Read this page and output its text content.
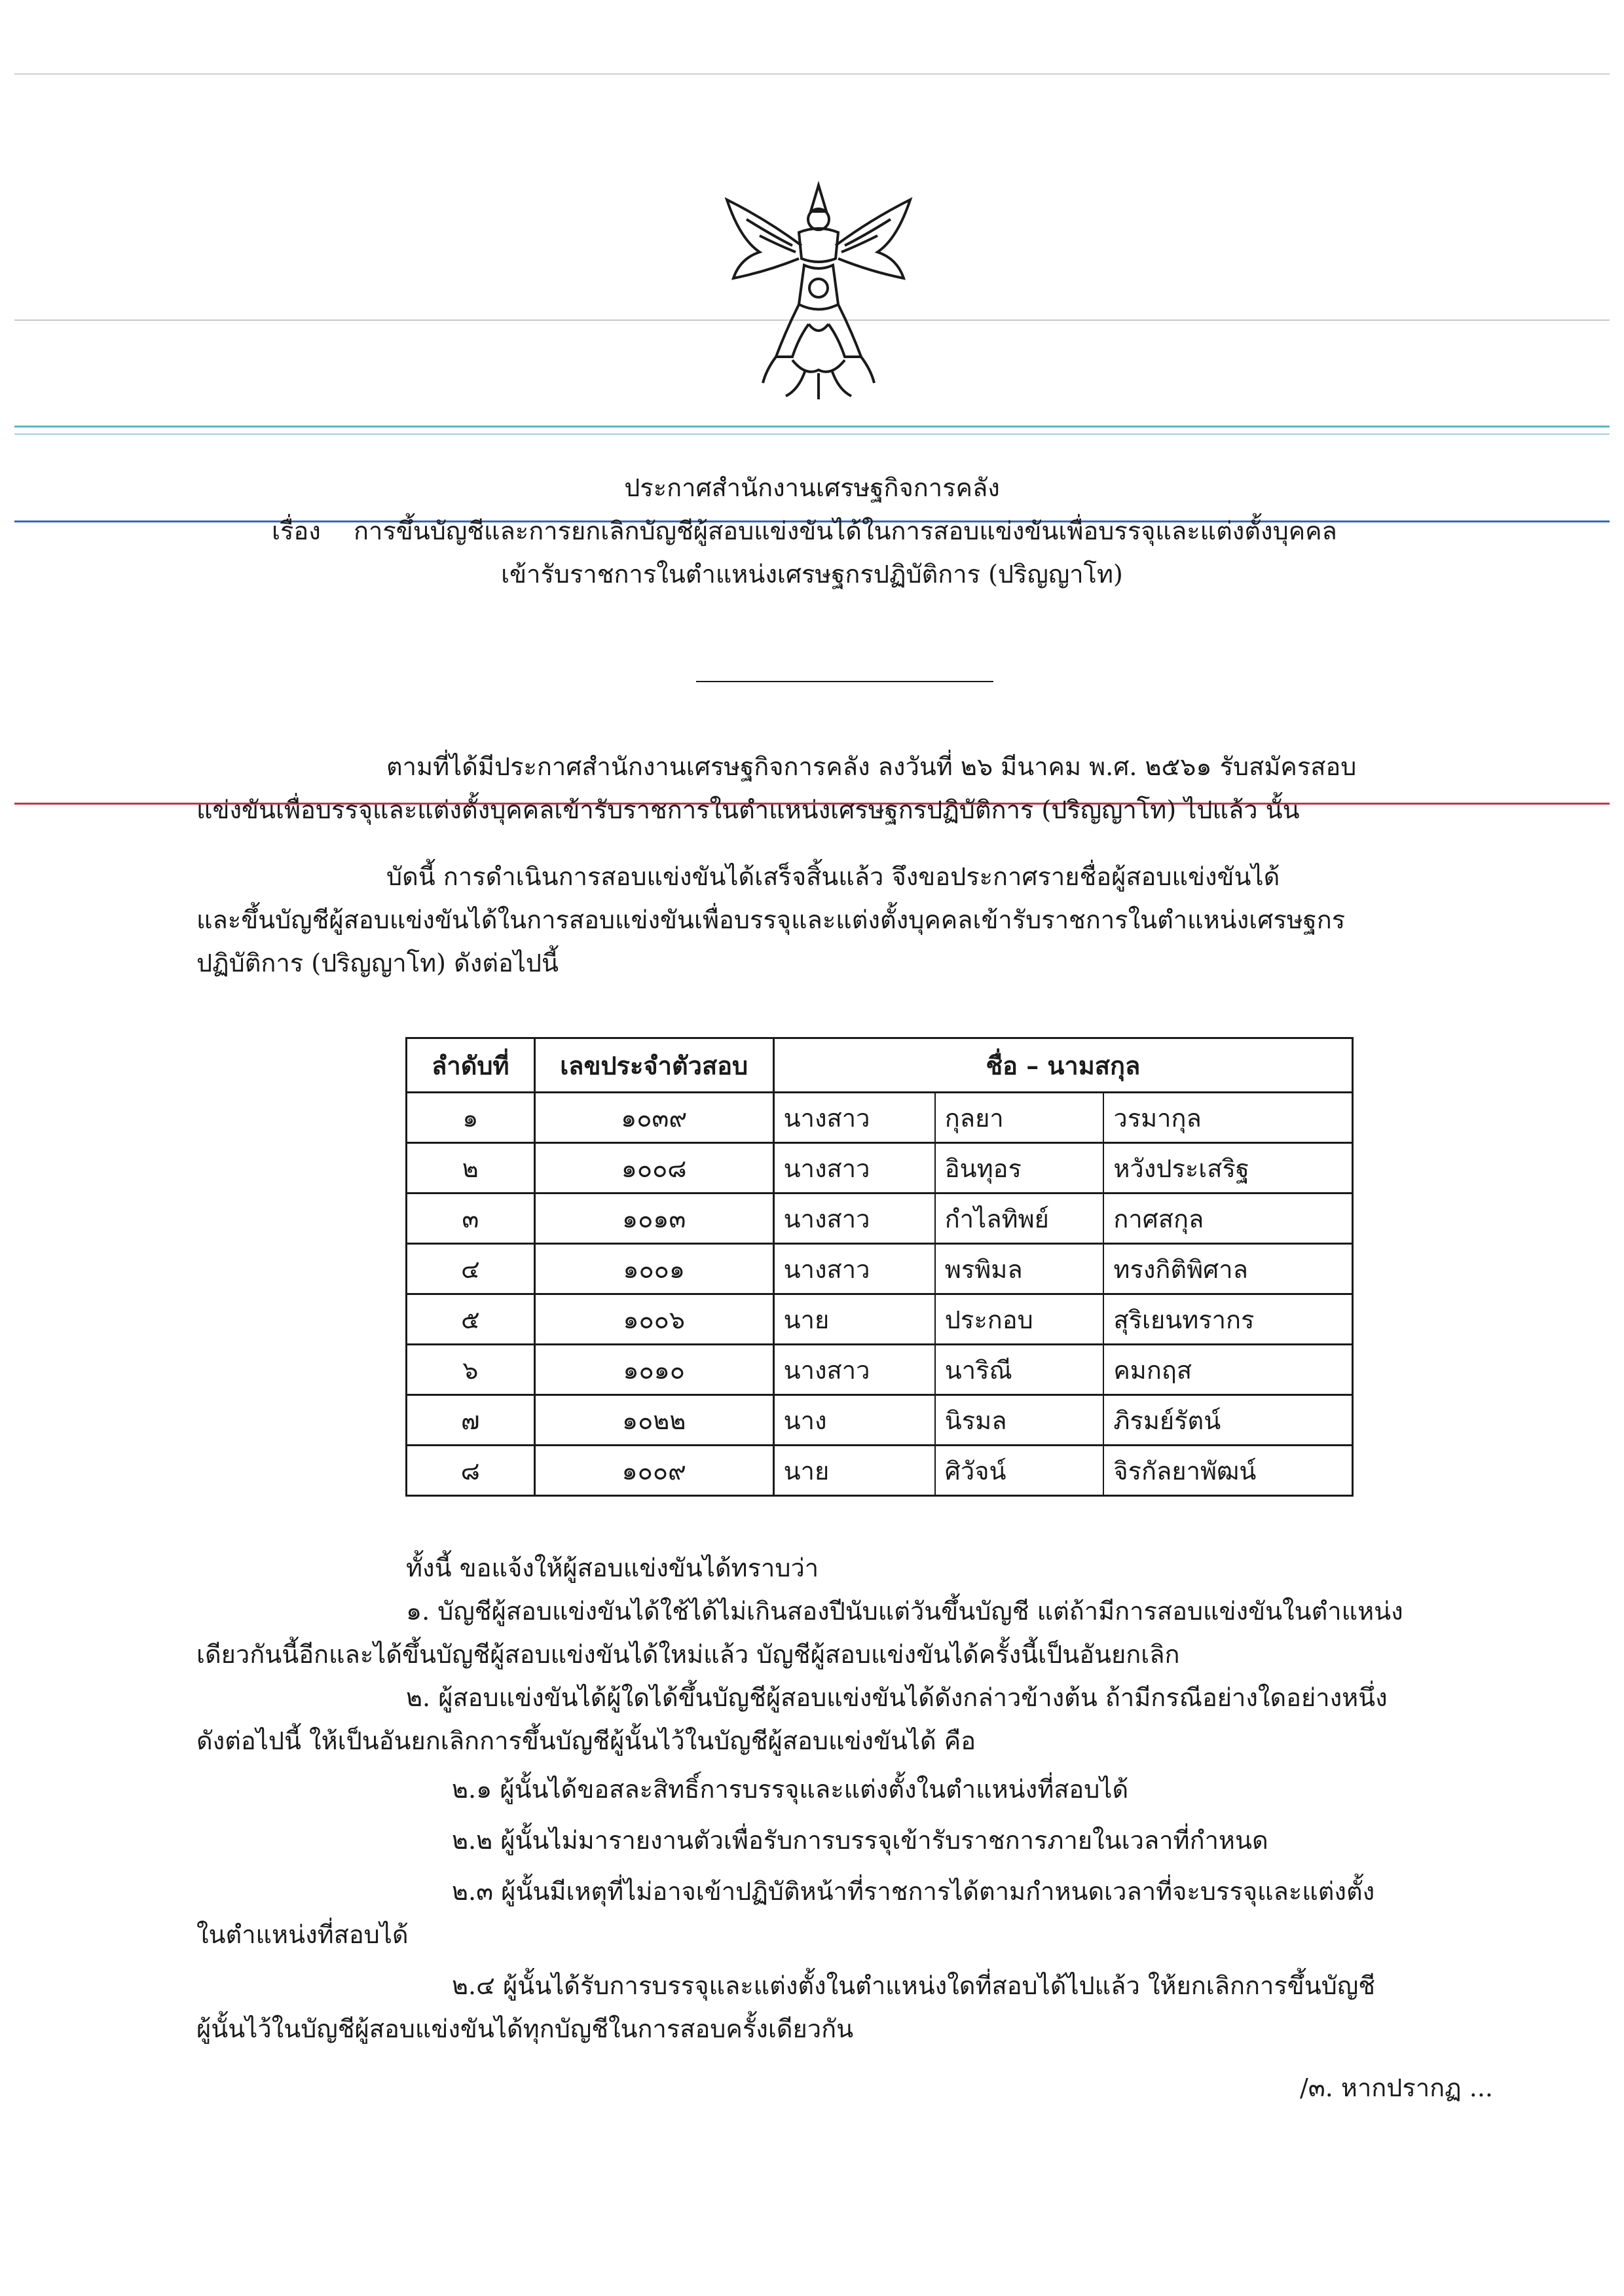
ประกาศสำนักงานเศรษฐกิจการคลัง
เรื่อง การขึ้นบัญชีและการยกเลิกบัญชีผู้สอบแข่งขันได้ในการสอบแข่งขันเพื่อบรรจุและแต่งตั้งบุคคล
เข้ารับราชการในตำแหน่งเศรษฐกรปฏิบัติการ (ปริญญาโท)
ตามที่ได้มีประกาศสำนักงานเศรษฐกิจการคลัง ลงวันที่ ๒๖ มีนาคม พ.ศ. ๒๕๖๑ รับสมัครสอบ
แข่งขันเพื่อบรรจุและแต่งตั้งบุคคลเข้ารับราชการในตำแหน่งเศรษฐกรปฏิบัติการ (ปริญญาโท) ไปแล้ว นั้น
บัดนี้ การดำเนินการสอบแข่งขันได้เสร็จสิ้นแล้ว จึงขอประกาศรายชื่อผู้สอบแข่งขันได้
และขึ้นบัญชีผู้สอบแข่งขันได้ในการสอบแข่งขันเพื่อบรรจุและแต่งตั้งบุคคลเข้ารับราชการในตำแหน่งเศรษฐกร
ปฏิบัติการ (ปริญญาโท) ดังต่อไปนี้
ลำดับที่	เลขประจำตัวสอบ	ชื่อ – นามสกุล		
๑	๑๐๓๙	นางสาว	กุลยา	วรมากุล
๒	๑๐๐๘	นางสาว	อินทุอร	หวังประเสริฐ
๓	๑๐๑๓	นางสาว	กำไลทิพย์	กาศสกุล
๔	๑๐๐๑	นางสาว	พรพิมล	ทรงกิติพิศาล
๕	๑๐๐๖	นาย	ประกอบ	สุริเยนทรากร
๖	๑๐๑๐	นางสาว	นาริณี	คมกฤส
๗	๑๐๒๒	นาง	นิรมล	ภิรมย์รัตน์
๘	๑๐๐๙	นาย	ศิวัจน์	จิรกัลยาพัฒน์
ทั้งนี้ ขอแจ้งให้ผู้สอบแข่งขันได้ทราบว่า
๑. บัญชีผู้สอบแข่งขันได้ใช้ได้ไม่เกินสองปีนับแต่วันขึ้นบัญชี แต่ถ้ามีการสอบแข่งขันในตำแหน่ง
เดียวกันนี้อีกและได้ขึ้นบัญชีผู้สอบแข่งขันได้ใหม่แล้ว บัญชีผู้สอบแข่งขันได้ครั้งนี้เป็นอันยกเลิก
๒. ผู้สอบแข่งขันได้ผู้ใดได้ขึ้นบัญชีผู้สอบแข่งขันได้ดังกล่าวข้างต้น ถ้ามีกรณีอย่างใดอย่างหนึ่ง
ดังต่อไปนี้ ให้เป็นอันยกเลิกการขึ้นบัญชีผู้นั้นไว้ในบัญชีผู้สอบแข่งขันได้ คือ
๒.๑ ผู้นั้นได้ขอสละสิทธิ์การบรรจุและแต่งตั้งในตำแหน่งที่สอบได้
๒.๒ ผู้นั้นไม่มารายงานตัวเพื่อรับการบรรจุเข้ารับราชการภายในเวลาที่กำหนด
๒.๓ ผู้นั้นมีเหตุที่ไม่อาจเข้าปฏิบัติหน้าที่ราชการได้ตามกำหนดเวลาที่จะบรรจุและแต่งตั้ง
ในตำแหน่งที่สอบได้
๒.๔ ผู้นั้นได้รับการบรรจุและแต่งตั้งในตำแหน่งใดที่สอบได้ไปแล้ว ให้ยกเลิกการขึ้นบัญชี
ผู้นั้นไว้ในบัญชีผู้สอบแข่งขันได้ทุกบัญชีในการสอบครั้งเดียวกัน
/๓. หากปรากฏ ...
